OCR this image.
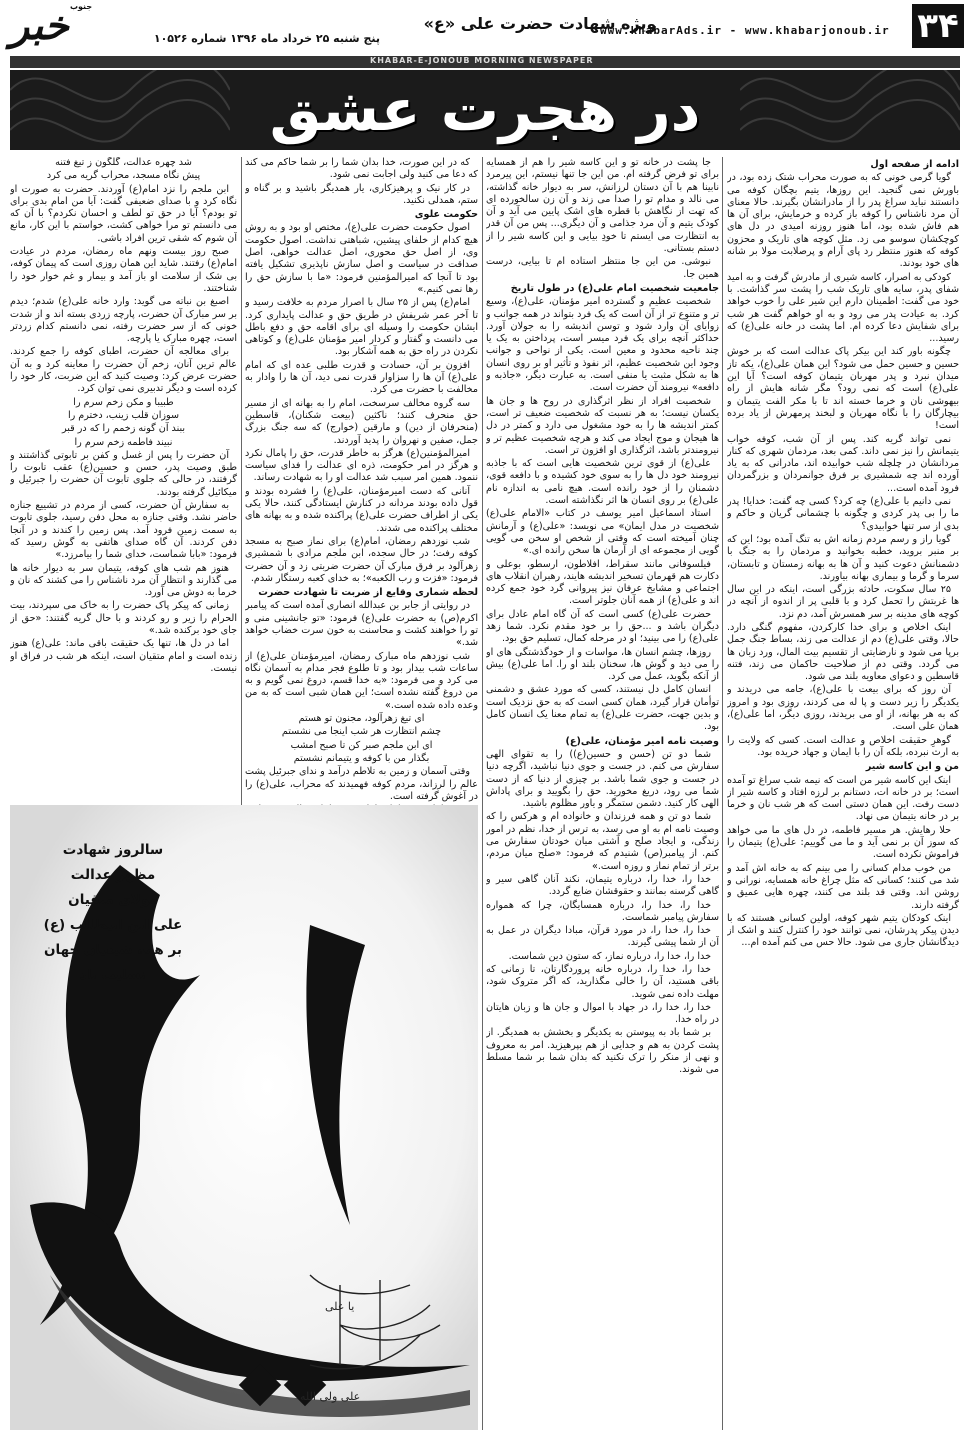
۳۴
www.khabarAds.ir - www.khabarjonoub.ir
ویژه شهادت حضرت علی «ع»
پنج شنبه ۲۵ خرداد ماه ۱۳۹۶ شماره ۱۰۵۲۶
خبر جنوب
KHABAR-E-JONOUB MORNING NEWSPAPER
در هجرت عشق

ادامه از صفحه اول

گویا گرمی خونی که به صورت محراب شتک زده بود، در باورش نمی گنجید. این روزها، یتیم بچگان کوفه می دانستند نباید سراغ پدر را از مادرانشان بگیرند. حالا معنای آن مرد ناشناس را کوفه باز کرده و خرمایش، برای آن ها هم فاش شده بود، اما هنوز روزنه امیدی در دل های کوچکشان سوسو می زد. مثل کوچه های تاریک و محزون کوفه که هنوز منتظر رد پای آرام و پرصلابت مولا بر شانه های خود بودند.

کودکی به اصرار، کاسه شیری از مادرش گرفت و به امید شفای پدر، سایه های تاریک شب را پشت سر گذاشت. با خود می گفت: اطمینان دارم این شیر علی را خوب خواهد کرد. به عیادت پدر می رود و به او خواهم گفت هر شب برای شفایش دعا کرده ام. اما پشت در خانه علی(ع) که رسید...

چگونه باور کند این بیکر پاک عدالت است که بر خوش حسین و حسین حمل می شود؟ این همان علی(ع)، یکه تاز میدان نبرد و پدر مهربان یتیمان کوفه است؟ آیا این علی(ع) است که نمی رود؟ مگر شانه هایش از راه بیهوشی نان و خرما خسته اند تا با مکر الفت یتیمان و بیچارگان را با نگاه مهربان و لبخند پرمهرش از یاد برده است!

نمی تواند گریه کند. پس از آن شب، کوفه خواب یتیمانش را نیز نمی داند. کمی بعد، مردمان شهری که کنار مردانشان در چلچله شب خوابیده اند، مادرانی که به یاد آورده اند چه شمشیری بر فرق جوانمردان و بزرگمردان فرود آمده است...

نمی دانیم با علی(ع) چه کرد؟ کسی چه گفت: خدایا! پدر ما را بی پدر کردی و چگونه با چشمانی گریان و حاکم و بدی از سر تنها خوابیدی؟

گویا راز و رسم مردم زمانه اش به تنگ آمده بود؛ این که بر منبر بروید، خطبه بخوانید و مردمان را به جنگ با دشمنانش دعوت کنید و آن ها به بهانه زمستان و تابستان، سرما و گرما و بیماری بهانه بیاورند.

۲۵ سال سکوت، حادثه بزرگی است، اینکه در این سال ها غربتش را تحمل کرد و با قلبی پر از اندوه از آنچه در کوچه های مدینه بر سر همسرش آمد، دم نزد.

اینک اخلاص و برای خدا کارکردن، مفهوم گنگی دارد. حالا، وقتی علی(ع) دم از عدالت می زند، بساط جنگ جمل برپا می شود و نارضایتی از تقسیم بیت المال، ورد زبان ها می گردد. وقتی دم از صلاحیت حاکمان می زند، فتنه قاسطین و دعوای معاویه بلند می شود.

آن روز که برای بیعت با علی(ع)، جامه می دریدند و یکدیگر را زیر دست و پا له می کردند، روزی بود و امروز که به هر بهانه، از او می بریدند، روزی دیگر، اما علی(ع)، همان علی است.

گوهرِ حقیقت اخلاص و عدالت است. کسی که ولایت را به ارث نبرده، بلکه آن را با ایمان و جهاد خریده بود.

من و این کاسه شیر

اینک این کاسه شیر من است که نیمه شب سراغ تو آمده است؛ بر در خانه ات، دستانم بر لرزه افتاد و کاسه شیر از دست رفت. این همان دستی است که هر شب نان و خرما بر در خانه یتیمان می نهاد.

حلا رهایش. هر مسیر فاطمه، در دل های ما می خواهد که سوز آن بر نمی آید و ما می گوییم: علی(ع) یتیمان را فراموش نکرده است.

من خوب مدام کسانی را می بینم که به خانه اش آمد و شد می کنند؛ کسانی که مثل چراغ خانه همسایه، نورانی و روشن اند. وقتی قد بلند می کنند، چهره هایی عمیق و گرفته دارند.

اینک کودکان یتیم شهر کوفه، اولین کسانی هستند که با دیدن پیکر پدرشان، نمی توانند خود را کنترل کنند و اشک از دیدگانشان جاری می شود. حالا حس می کنم آمده ام...

جا پشت در خانه تو و این کاسه شیر را هم از همسایه برای تو فرض گرفته ام. من این جا تنها نیستم، این پیرمرد نابینا هم با آن دستان لرزانش، سر به دیوار خانه گذاشته، می نالد و مدام تو را صدا می زند و آن زن سالخورده ای که تهت از نگاهش با قطره های اشک پایین می آید و آن کودک یتیم و آن مرد جذامی و آن دیگری... پس من آن قدر به انتظارت می ایستم تا خودِ بیایی و این کاسه شیر را از دستم بستانی.

نبوشی. من این جا منتظر استاده ام تا بیایی، درست همین جا.

جامعیت شخصیت امام علی(ع) در طول تاریخ

شخصیت عظیم و گسترده امیر مؤمنان، علی(ع)، وسیع تر و متنوع تر از آن است که یک فرد بتواند در همه جوانب و زوایای آن وارد شود و توسن اندیشه را به جولان آورد. حداکثر آنچه برای یک فرد میسر است، پرداختن به یک یا چند ناحیه محدود و معین است. یکی از نواحی و جوانب وجود این شخصیت عظیم، اثر نفوذ و تأثیر او بر روی انسان ها به شکل مثبت یا منفی است. به عبارت دیگر، «جاذبه و دافعه» نیرومند آن حضرت است.

شخصیت افراد از نظر اثرگذاری در روح ها و جان ها یکسان نیست؛ به هر نسبت که شخصیت ضعیف تر است، کمتر اندیشه ها را به خود مشغول می دارد و کمتر در دل ها هیجان و موج ایجاد می کند و هرچه شخصیت عظیم تر و نیرومندتر باشد، اثرگذاری او افزون تر است.

علی(ع) از قوی ترین شخصیت هایی است که با جاذبه نیرومند خود دل ها را به سوی خود کشیده و با دافعه قوی، دشمنان را از خود رانده است. هیچ نامی به اندازه نام علی(ع) بر روی انسان ها اثر نگذاشته است.

استاد اسماعیل امیر یوسف در کتاب «الامام علی(ع) شخصیت در مدل ایمان» می نویسد: «علی(ع) و آرمانش چنان آمیخته است که وقتی از شخص او سخن می گویی گویی از مجموعه ای از آرمان ها سخن رانده ای.»

فیلسوفانی مانند سقراط، افلاطون، ارسطو، بوعلی و دکارت هم قهرمان تسخیر اندیشه هایند، رهبران انقلاب های اجتماعی و مشایخ عرفان نیز پیروانی گرد خود جمع کرده اند و علی(ع) از همه آنان جلوتر است.

حضرت علی(ع) کسی است که آن گاه امام عادل برای دیگران باشد و ...حق را بر خود مقدم نکرد. شما زهد علی(ع) را می بینید؛ او در مرحله کمال، تسلیم حق بود.

روزها، چشم انسان ها، مواسات و از خودگذشتگی های او را می دید و گوش ها، سخنان بلند او را. اما علی(ع) بیش از آنکه بگوید، عمل می کرد.

انسان کامل دل نیستند، کسی که مورد عشق و دشمنی توأمان قرار گیرد، همان کسی است که به حق نزدیک است و بدین جهت، حضرت علی(ع) به تمام معنا یک انسان کامل بود.

وصیت نامه امیر مؤمنان، علی(ع)

شما دو تن (حسن و حسین(ع)) را به تقوای الهی سفارش می کنم. در جست و جوی دنیا نباشید، اگرچه دنیا در جست و جوی شما باشد. بر چیزی از دنیا که از دست شما می رود، دریغ مخورید. حق را بگویید و برای پاداش الهی کار کنید. دشمن ستمگر و یاور مظلوم باشید.

شما دو تن و همه فرزندان و خانواده ام و هرکس را که وصیت نامه ام به او می رسد، به ترس از خدا، نظم در امور زندگی، و ایجاد صلح و آشتی میان خودتان سفارش می کنم. از پیامبر(ص) شنیدم که فرمود: «صلح میان مردم، برتر از تمام نماز و روزه است.»

خدا را، خدا را، درباره یتیمان، نکند آنان گاهی سیر و گاهی گرسنه بمانند و حقوقشان ضایع گردد.

خدا را، خدا را، درباره همسایگان، چرا که همواره سفارش پیامبر شماست.

خدا را، خدا را، در مورد قرآن، مبادا دیگران در عمل به آن از شما پیشی گیرند.

خدا را، خدا را، درباره نماز، که ستون دین شماست.

خدا را، خدا را، درباره خانه پروردگارتان، تا زمانی که باقی هستید، آن را خالی مگذارید، که اگر متروک شود، مهلت داده نمی شوید.

خدا را، خدا را، در جهاد با اموال و جان ها و زبان هایتان در راه خدا.

بر شما باد به پیوستن به یکدیگر و بخشش به همدیگر. از پشت کردن به هم و جدایی از هم بپرهیزید. امر به معروف و نهی از منکر را ترک نکنید که بدان شما بر شما مسلط می شوند.

که در این صورت، خدا بدان شما را بر شما حاکم می کند که دعا می کنید ولی اجابت نمی شود.

در کار نیک و پرهیزکاری، یار همدیگر باشید و بر گناه و ستم، همدلی نکنید.

حکومت علوی

اصول حکومت حضرت علی(ع)، مختص او بود و به روش هیچ کدام از خلفای پیشین، شباهتی نداشت. اصول حکومت وی، از اصل حق محوری، اصل عدالت خواهی، اصل صداقت در سیاست و اصل سازش ناپذیری تشکیل یافته بود تا آنجا که امیرالمؤمنین فرمود: «ما با سازش حق را رها نمی کنیم.»

امام(ع) پس از ۲۵ سال با اصرار مردم به خلافت رسید و تا آخر عمر شریفش در طریق حق و عدالت پایداری کرد. ایشان حکومت را وسیله ای برای اقامه حق و دفع باطل می دانست و گفتار و کردار امیر مؤمنان علی(ع) و کوتاهی نکردن در راه حق به همه آشکار بود.

افزون بر آن، حسادت و قدرت طلبی عده ای که امام علی(ع) آن ها را سزاوار قدرت نمی دید، آن ها را وادار به مخالفت با حضرت می کرد.

سه گروه مخالف سرسخت، امام را به بهانه ای از مسیر حق منحرف کنند؛ ناکثین (بیعت شکنان)، قاسطین (منحرفان از دین) و مارقین (خوارج) که سه جنگ بزرگ جمل، صفین و نهروان را پدید آوردند.

امیرالمؤمنین(ع) هرگز به خاطر قدرت، حق را پامال نکرد و هرگز در امر حکومت، ذره ای عدالت را فدای سیاست ننمود. همین امر سبب شد عدالت او را به شهادت رساند.

آنانی که دست امیرمؤمنان، علی(ع) را فشرده بودند و قول داده بودند مردانه در کنارش ایستادگی کنند، حالا یکی یکی از اطراف حضرت علی(ع) پراکنده شده و به بهانه های مختلف پراکنده می شدند.

شب نوزدهم رمضان، امام(ع) برای نماز صبح به مسجد کوفه رفت؛ در حال سجده، ابن ملجم مرادی با شمشیری زهرآلود بر فرق مبارک آن حضرت ضربتی زد و آن حضرت فرمود: «فزت و رب الکعبه»؛ به خدای کعبه رستگار شدم.

لحظه شماری وقایع از ضربت تا شهادت حضرت

در روایتی از جابر بن عبدالله انصاری آمده است که پیامبر اکرم(ص) به حضرت علی(ع) فرمود: «تو جانشینی منی و تو را خواهند کشت و محاسنت به خون سرت خضاب خواهد شد.»

شب نوزدهم ماه مبارک رمضان، امیرمؤمنان علی(ع) از ساعات شب بیدار بود و تا طلوع فجر مدام به آسمان نگاه می کرد و می فرمود: «به خدا قسم، دروغ نمی گویم و به من دروغ گفته نشده است؛ این همان شبی است که به من وعده داده شده است.»

ای تیغ زهرآلود، مجنون تو هستم

چشم انتظارت هر شب اینجا می نشستم

ای ابن ملجم صبر کن تا صبح امشب

بگذار من با کوفه و یتیمانم نشستم

وقتی آسمان و زمین به تلاطم درآمد و ندای جبرئیل پشت عالم را لرزاند، مردم کوفه فهمیدند که محراب، علی(ع) را در آغوش گرفته است.

شد چهره عدالت، گلگون ز تیغ فتنه

پیش نگاه مسجد، محراب گریه می کرد

ابن ملجم را نزد امام(ع) آوردند. حضرت به صورت او نگاه کرد و با صدای ضعیفی گفت: آیا من امام بدی برای تو بودم؟ آیا در حق تو لطف و احسان نکردم؟ با آن که می دانستم تو مرا خواهی کشت، خواستم با این کار، مانع آن شوم که شقی ترین افراد باشی.

صبح روز بیست ونهم ماه رمضان، مردم در عیادت امام(ع) رفتند. شاید این همان روزی است که پیمان کوفه، بی شک از سلامت او باز آمد و بیمار و غم خوار خود را شناختند.

اصبغ بن نباته می گوید: وارد خانه علی(ع) شدم؛ دیدم بر سر مبارک آن حضرت، پارچه زردی بسته اند و از شدت خونی که از سر حضرت رفته، نمی دانستم کدام زردتر است، چهره مبارک یا پارچه.

برای معالجه آن حضرت، اطبای کوفه را جمع کردند. عالم ترین آنان، زخم آن حضرت را معاینه کرد و به آن حضرت عرض کرد: وصیت کنید که این ضربت، کار خود را کرده است و دیگر تدبیری نمی توان کرد.

طبیبا و مکن زخم سرم را

سوزان قلب زینب، دخترم را

ببند آن گونه زخمم را که در قبر

نبیند فاطمه زخم سرم را

آن حضرت را پس از غسل و کفن بر تابوتی گذاشتند و طبق وصیت پدر، حسن و حسین(ع) عقب تابوت را گرفتند، در حالی که جلوی تابوت آن حضرت را جبرئیل و میکائیل گرفته بودند.

به سفارش آن حضرت، کسی از مردم در تشییع جنازه حاضر نشد. وقتی جنازه به محل دفن رسید، جلوی تابوت به سمت زمین فرود آمد. پس زمین را کندند و در آنجا دفن کردند. آن گاه صدای هاتفی به گوش رسید که فرمود: «بابا شماست، خدای شما را بیامرزد.»

هنوز هم شب های کوفه، یتیمان سر به دیوار خانه ها می گذارند و انتظار آن مرد ناشناس را می کشند که نان و خرما به دوش می آورد.

زمانی که پیکر پاک حضرت را به خاک می سپردند، بیت الحرام را زیر و رو کردند و با حال گریه گفتند: «حق از جای خود برکنده شد.»

اما در دل ها، تنها یک حقیقت باقی ماند: علی(ع) هنوز زنده است و امام متقیان است، اینکه هر شب در فراق او نیست.

یا علی
علی ولی الله
سالروز شهادت
مظهر عدالت
مولای متقیان
علی ابن ابیطالب (ع)
بر همه شیعیان جهان
تسلیت باد
